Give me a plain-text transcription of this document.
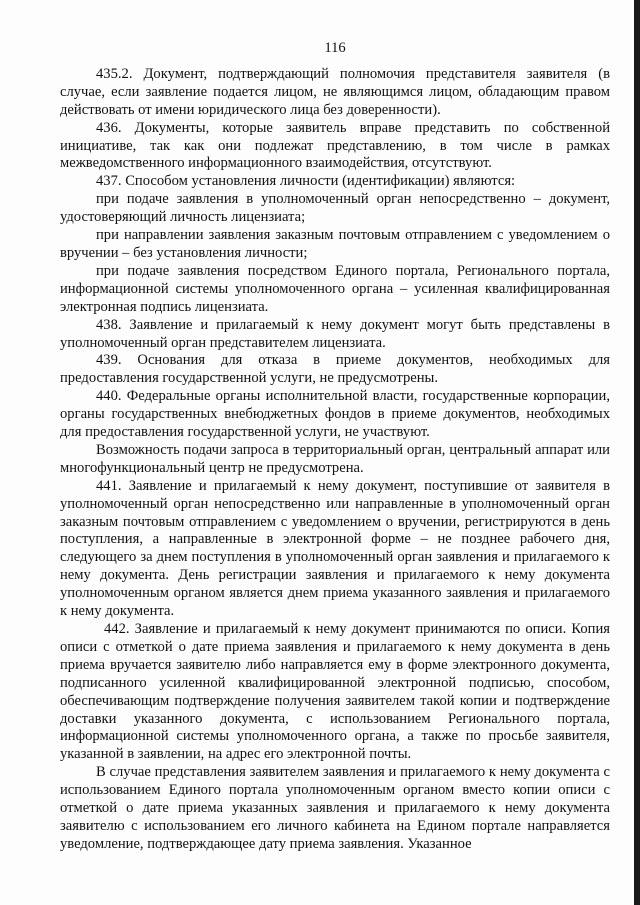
116

435.2. Документ, подтверждающий полномочия представителя заявителя (в случае, если заявление подается лицом, не являющимся лицом, обладающим правом действовать от имени юридического лица без доверенности).

436. Документы, которые заявитель вправе представить по собственной инициативе, так как они подлежат представлению, в том числе в рамках межведомственного информационного взаимодействия, отсутствуют.

437. Способом установления личности (идентификации) являются:

при подаче заявления в уполномоченный орган непосредственно – документ, удостоверяющий личность лицензиата;

при направлении заявления заказным почтовым отправлением с уведомлением о вручении – без установления личности;

при подаче заявления посредством Единого портала, Регионального портала, информационной системы уполномоченного органа – усиленная квалифицированная электронная подпись лицензиата.

438. Заявление и прилагаемый к нему документ могут быть представлены в уполномоченный орган представителем лицензиата.

439. Основания для отказа в приеме документов, необходимых для предоставления государственной услуги, не предусмотрены.

440. Федеральные органы исполнительной власти, государственные корпорации, органы государственных внебюджетных фондов в приеме документов, необходимых для предоставления государственной услуги, не участвуют.

Возможность подачи запроса в территориальный орган, центральный аппарат или многофункциональный центр не предусмотрена.

441. Заявление и прилагаемый к нему документ, поступившие от заявителя в уполномоченный орган непосредственно или направленные в уполномоченный орган заказным почтовым отправлением с уведомлением о вручении, регистрируются в день поступления, а направленные в электронной форме – не позднее рабочего дня, следующего за днем поступления в уполномоченный орган заявления и прилагаемого к нему документа. День регистрации заявления и прилагаемого к нему документа уполномоченным органом является днем приема указанного заявления и прилагаемого к нему документа.

442. Заявление и прилагаемый к нему документ принимаются по описи. Копия описи с отметкой о дате приема заявления и прилагаемого к нему документа в день приема вручается заявителю либо направляется ему в форме электронного документа, подписанного усиленной квалифицированной электронной подписью, способом, обеспечивающим подтверждение получения заявителем такой копии и подтверждение доставки указанного документа, с использованием Регионального портала, информационной системы уполномоченного органа, а также по просьбе заявителя, указанной в заявлении, на адрес его электронной почты.

В случае представления заявителем заявления и прилагаемого к нему документа с использованием Единого портала уполномоченным органом вместо копии описи с отметкой о дате приема указанных заявления и прилагаемого к нему документа заявителю с использованием его личного кабинета на Едином портале направляется уведомление, подтверждающее дату приема заявления. Указанное
